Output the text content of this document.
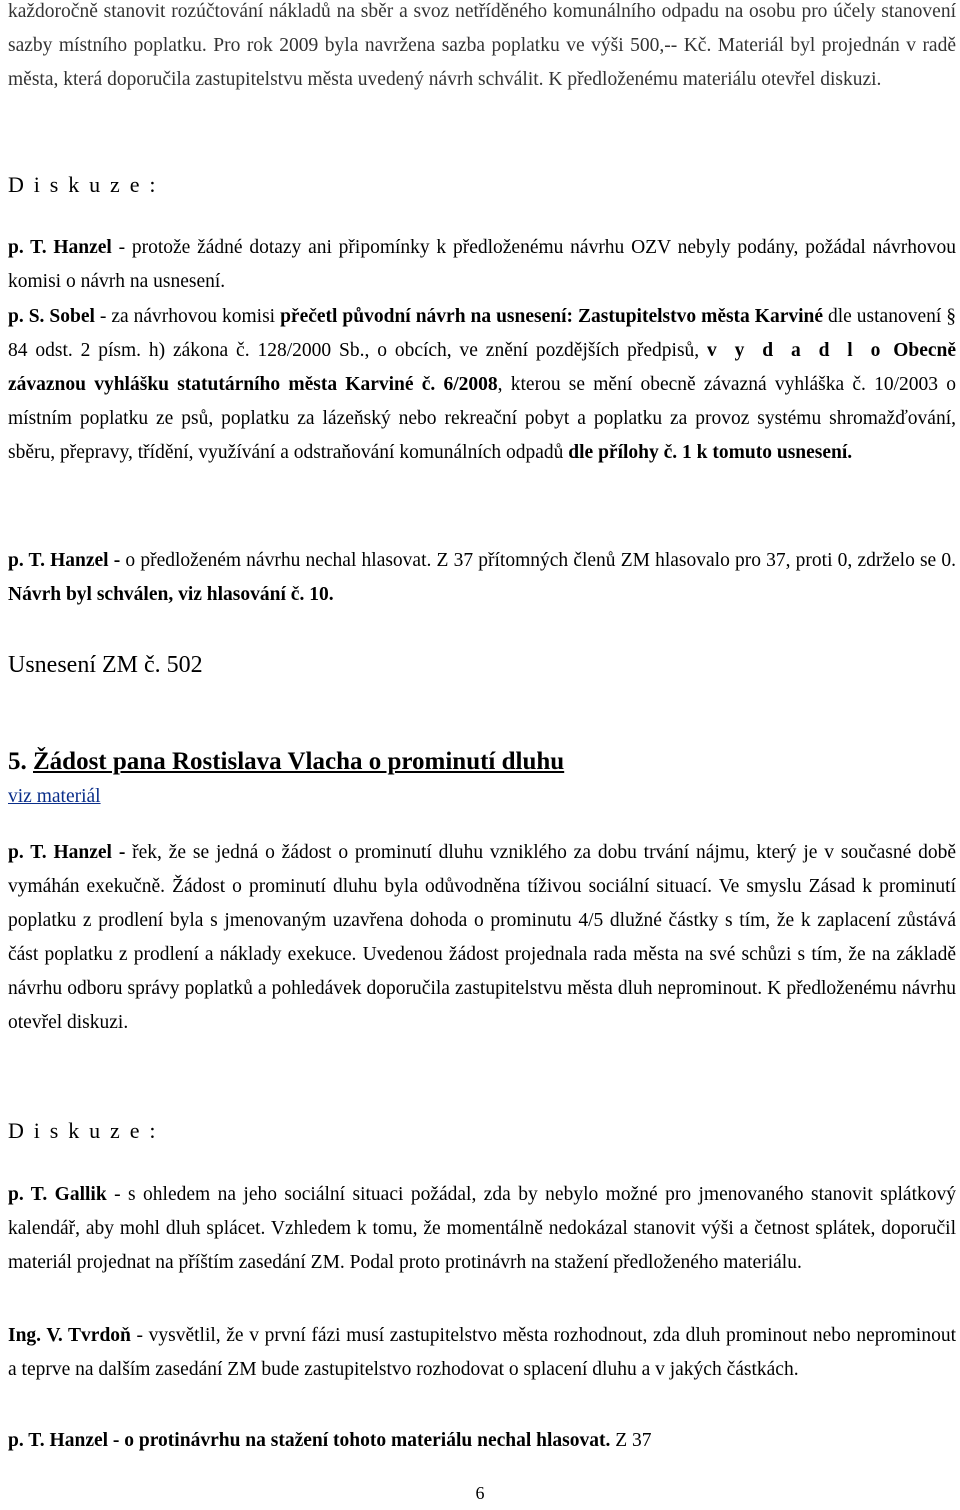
každoročně stanovit rozúčtování nákladů na sběr a svoz netříděného komunálního odpadu na osobu pro účely stanovení sazby místního poplatku. Pro rok 2009 byla navržena sazba poplatku ve výši 500,-- Kč. Materiál byl projednán v radě města, která doporučila zastupitelstvu města uvedený návrh schválit. K předloženému materiálu otevřel diskuzi.

D i s k u z e :

p. T. Hanzel - protože žádné dotazy ani připomínky k předloženému návrhu OZV nebyly podány, požádal návrhovou komisi o návrh na usnesení.

p. S. Sobel - za návrhovou komisi přečetl původní návrh na usnesení: Zastupitelstvo města Karviné dle ustanovení § 84 odst. 2 písm. h) zákona č. 128/2000 Sb., o obcích, ve znění pozdějších předpisů, v y d a d l o Obecně závaznou vyhlášku statutárního města Karviné č. 6/2008, kterou se mění obecně závazná vyhláška č. 10/2003 o místním poplatku ze psů, poplatku za lázeňský nebo rekreační pobyt a poplatku za provoz systému shromažďování, sběru, přepravy, třídění, využívání a odstraňování komunálních odpadů dle přílohy č. 1 k tomuto usnesení.

p. T. Hanzel - o předloženém návrhu nechal hlasovat. Z 37 přítomných členů ZM hlasovalo pro 37, proti 0, zdrželo se 0. Návrh byl schválen, viz hlasování č. 10.

Usnesení ZM č. 502
5. Žádost pana Rostislava Vlacha o prominutí dluhu
viz materiál

p. T. Hanzel - řek, že se jedná o žádost o prominutí dluhu vzniklého za dobu trvání nájmu, který je v současné době vymáhán exekučně. Žádost o prominutí dluhu byla odůvodněna tíživou sociální situací. Ve smyslu Zásad k prominutí poplatku z prodlení byla s jmenovaným uzavřena dohoda o prominutu 4/5 dlužné částky s tím, že k zaplacení zůstává část poplatku z prodlení a náklady exekuce. Uvedenou žádost projednala rada města na své schůzi s tím, že na základě návrhu odboru správy poplatků a pohledávek doporučila zastupitelstvu města dluh neprominout. K předloženému návrhu otevřel diskuzi.

D i s k u z e :

p. T. Gallik - s ohledem na jeho sociální situaci požádal, zda by nebylo možné pro jmenovaného stanovit splátkový kalendář, aby mohl dluh splácet. Vzhledem k tomu, že momentálně nedokázal stanovit výši a četnost splátek, doporučil materiál projednat na příštím zasedání ZM. Podal proto protinávrh na stažení předloženého materiálu.

Ing. V. Tvrdoň - vysvětlil, že v první fázi musí zastupitelstvo města rozhodnout, zda dluh prominout nebo neprominout a teprve na dalším zasedání ZM bude zastupitelstvo rozhodovat o splacení dluhu a v jakých částkách.

p. T. Hanzel - o protinávrhu na stažení tohoto materiálu nechal hlasovat. Z 37

6
